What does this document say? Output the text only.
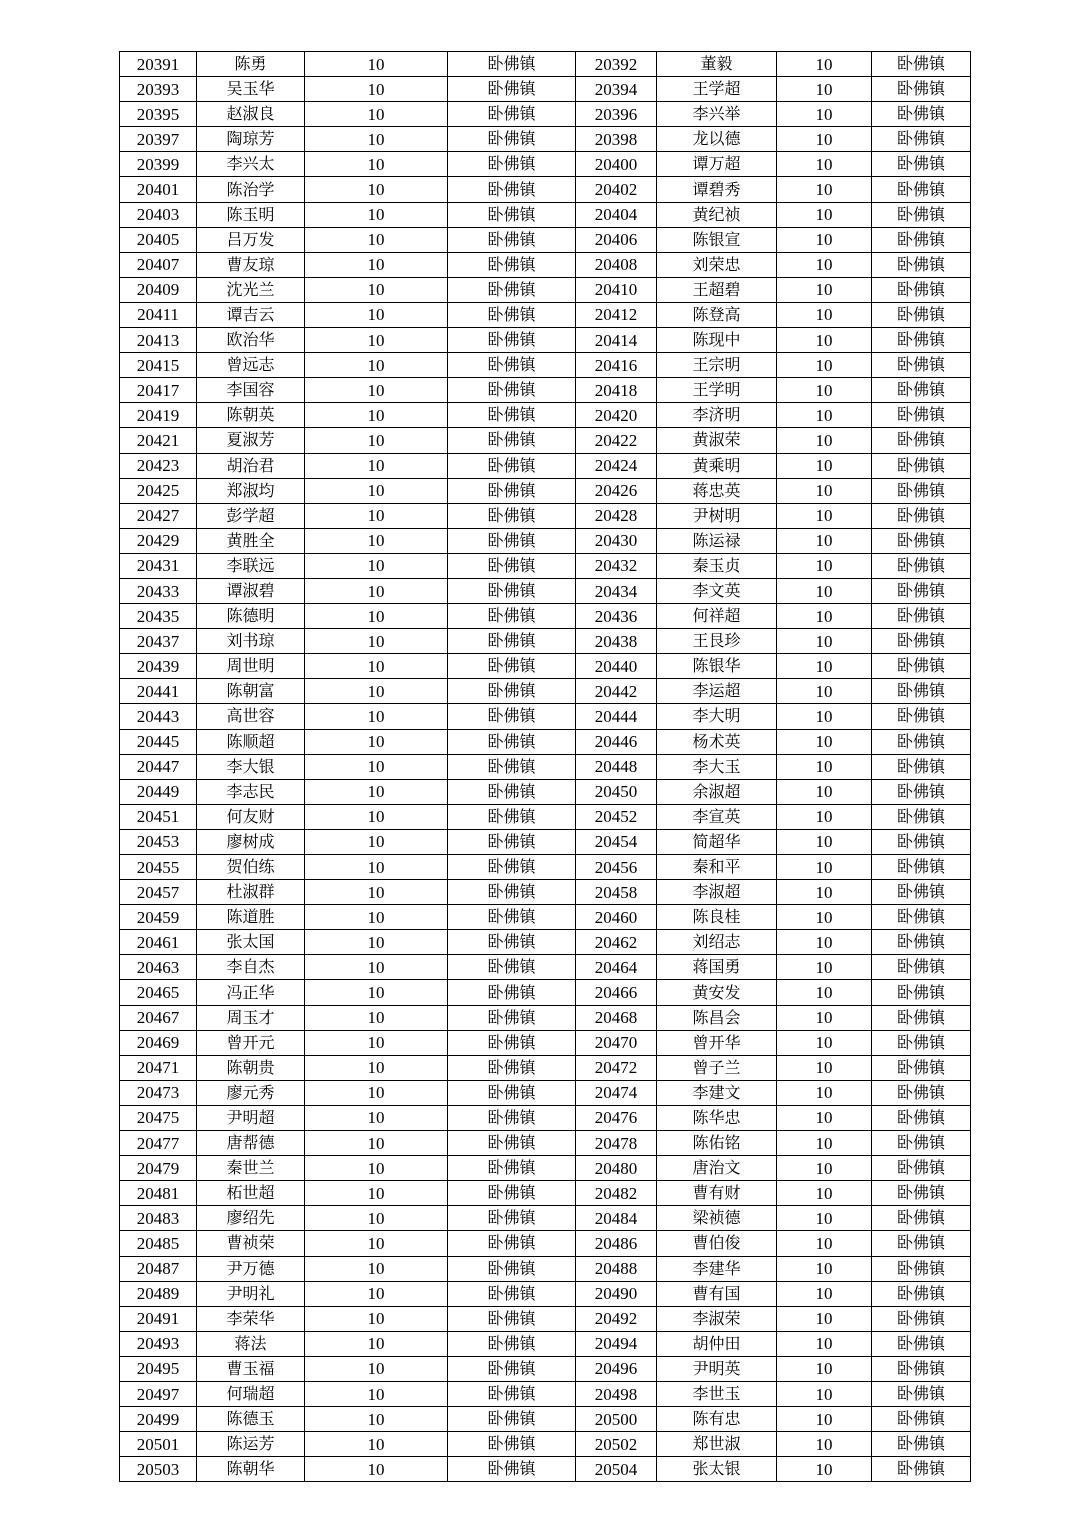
20391	陈勇	10	卧佛镇	20392	董毅	10	卧佛镇
20393	吴玉华	10	卧佛镇	20394	王学超	10	卧佛镇
20395	赵淑良	10	卧佛镇	20396	李兴举	10	卧佛镇
20397	陶琼芳	10	卧佛镇	20398	龙以德	10	卧佛镇
20399	李兴太	10	卧佛镇	20400	谭万超	10	卧佛镇
20401	陈治学	10	卧佛镇	20402	谭碧秀	10	卧佛镇
20403	陈玉明	10	卧佛镇	20404	黄纪祯	10	卧佛镇
20405	吕万发	10	卧佛镇	20406	陈银宣	10	卧佛镇
20407	曹友琼	10	卧佛镇	20408	刘荣忠	10	卧佛镇
20409	沈光兰	10	卧佛镇	20410	王超碧	10	卧佛镇
20411	谭吉云	10	卧佛镇	20412	陈登高	10	卧佛镇
20413	欧治华	10	卧佛镇	20414	陈现中	10	卧佛镇
20415	曾远志	10	卧佛镇	20416	王宗明	10	卧佛镇
20417	李国容	10	卧佛镇	20418	王学明	10	卧佛镇
20419	陈朝英	10	卧佛镇	20420	李济明	10	卧佛镇
20421	夏淑芳	10	卧佛镇	20422	黄淑荣	10	卧佛镇
20423	胡治君	10	卧佛镇	20424	黄乘明	10	卧佛镇
20425	郑淑均	10	卧佛镇	20426	蒋忠英	10	卧佛镇
20427	彭学超	10	卧佛镇	20428	尹树明	10	卧佛镇
20429	黄胜全	10	卧佛镇	20430	陈运禄	10	卧佛镇
20431	李联远	10	卧佛镇	20432	秦玉贞	10	卧佛镇
20433	谭淑碧	10	卧佛镇	20434	李文英	10	卧佛镇
20435	陈德明	10	卧佛镇	20436	何祥超	10	卧佛镇
20437	刘书琼	10	卧佛镇	20438	王艮珍	10	卧佛镇
20439	周世明	10	卧佛镇	20440	陈银华	10	卧佛镇
20441	陈朝富	10	卧佛镇	20442	李运超	10	卧佛镇
20443	高世容	10	卧佛镇	20444	李大明	10	卧佛镇
20445	陈顺超	10	卧佛镇	20446	杨术英	10	卧佛镇
20447	李大银	10	卧佛镇	20448	李大玉	10	卧佛镇
20449	李志民	10	卧佛镇	20450	余淑超	10	卧佛镇
20451	何友财	10	卧佛镇	20452	李宣英	10	卧佛镇
20453	廖树成	10	卧佛镇	20454	简超华	10	卧佛镇
20455	贺伯练	10	卧佛镇	20456	秦和平	10	卧佛镇
20457	杜淑群	10	卧佛镇	20458	李淑超	10	卧佛镇
20459	陈道胜	10	卧佛镇	20460	陈良桂	10	卧佛镇
20461	张太国	10	卧佛镇	20462	刘绍志	10	卧佛镇
20463	李自杰	10	卧佛镇	20464	蒋国勇	10	卧佛镇
20465	冯正华	10	卧佛镇	20466	黄安发	10	卧佛镇
20467	周玉才	10	卧佛镇	20468	陈昌会	10	卧佛镇
20469	曾开元	10	卧佛镇	20470	曾开华	10	卧佛镇
20471	陈朝贵	10	卧佛镇	20472	曾子兰	10	卧佛镇
20473	廖元秀	10	卧佛镇	20474	李建文	10	卧佛镇
20475	尹明超	10	卧佛镇	20476	陈华忠	10	卧佛镇
20477	唐帮德	10	卧佛镇	20478	陈佑铭	10	卧佛镇
20479	秦世兰	10	卧佛镇	20480	唐治文	10	卧佛镇
20481	柘世超	10	卧佛镇	20482	曹有财	10	卧佛镇
20483	廖绍先	10	卧佛镇	20484	梁祯德	10	卧佛镇
20485	曹祯荣	10	卧佛镇	20486	曹伯俊	10	卧佛镇
20487	尹万德	10	卧佛镇	20488	李建华	10	卧佛镇
20489	尹明礼	10	卧佛镇	20490	曹有国	10	卧佛镇
20491	李荣华	10	卧佛镇	20492	李淑荣	10	卧佛镇
20493	蒋法	10	卧佛镇	20494	胡仲田	10	卧佛镇
20495	曹玉福	10	卧佛镇	20496	尹明英	10	卧佛镇
20497	何瑞超	10	卧佛镇	20498	李世玉	10	卧佛镇
20499	陈德玉	10	卧佛镇	20500	陈有忠	10	卧佛镇
20501	陈运芳	10	卧佛镇	20502	郑世淑	10	卧佛镇
20503	陈朝华	10	卧佛镇	20504	张太银	10	卧佛镇
